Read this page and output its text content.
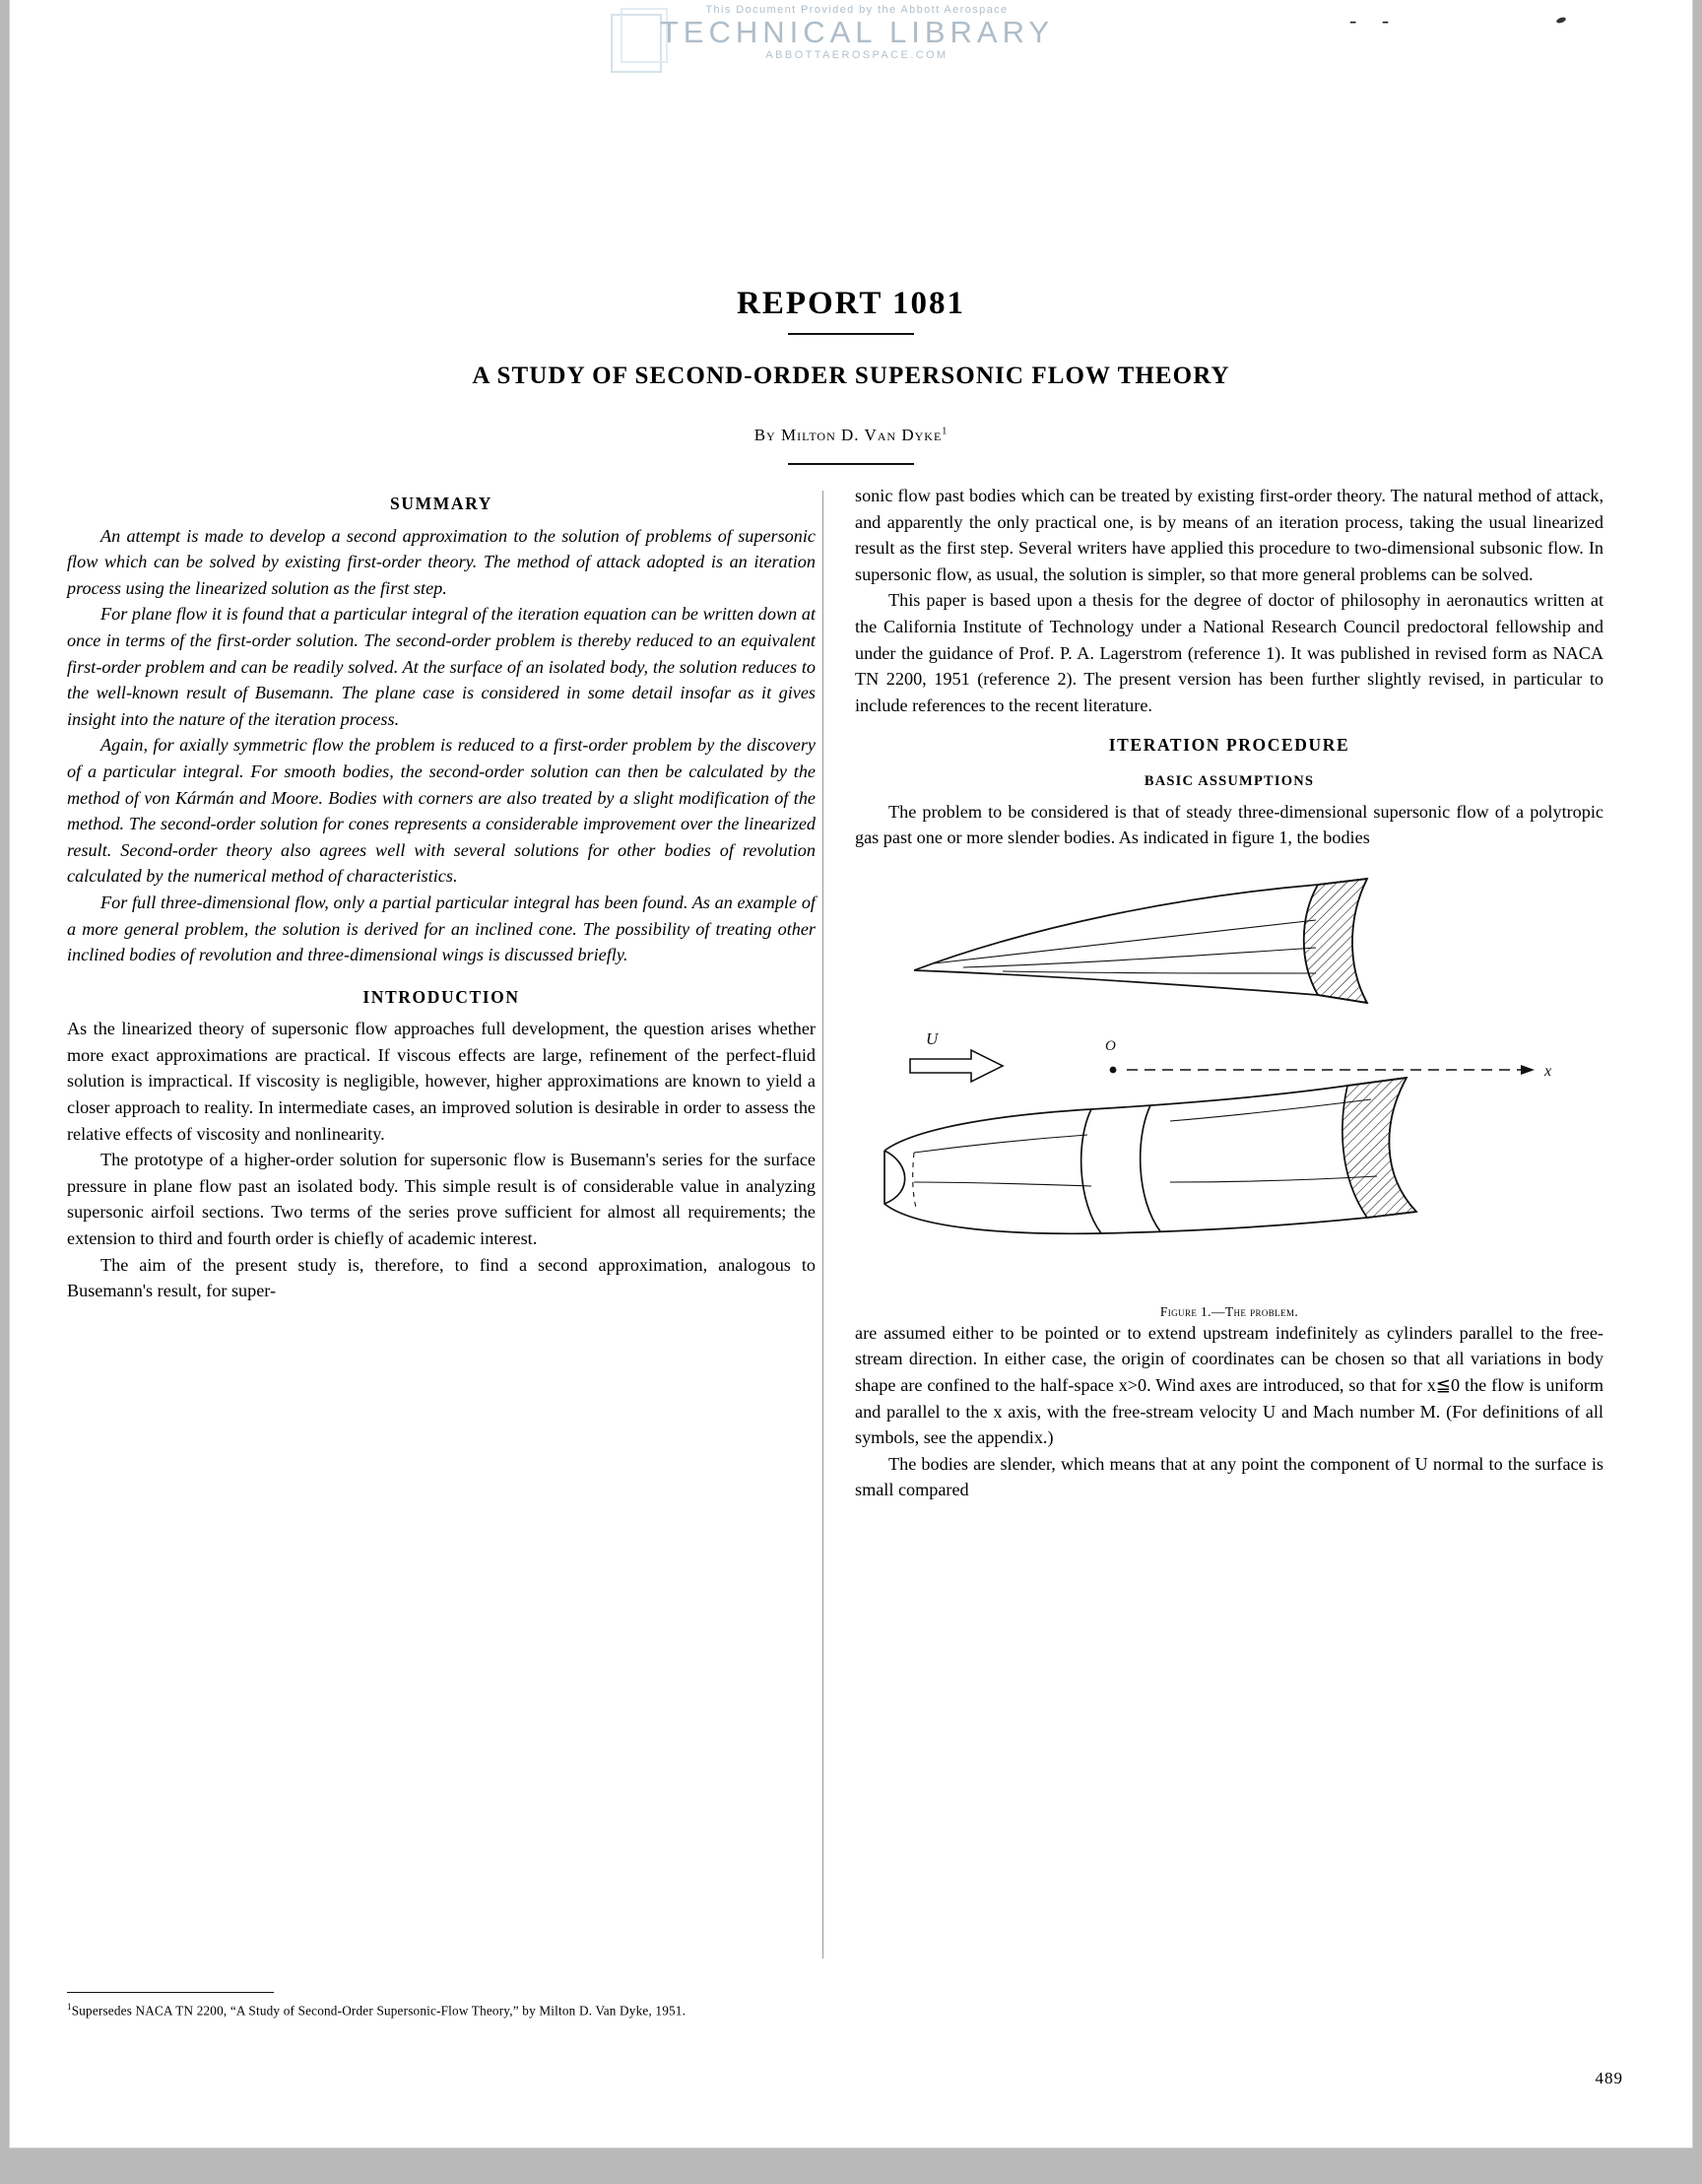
This Document Provided by the Abbott Aerospace
TECHNICAL LIBRARY
ABBOTTAEROSPACE.COM
- -
REPORT 1081
A STUDY OF SECOND-ORDER SUPERSONIC FLOW THEORY
By Milton D. Van Dyke$^1$
SUMMARY

An attempt is made to develop a second approximation to the solution of problems of supersonic flow which can be solved by existing first-order theory. The method of attack adopted is an iteration process using the linearized solution as the first step.

For plane flow it is found that a particular integral of the iteration equation can be written down at once in terms of the first-order solution. The second-order problem is thereby reduced to an equivalent first-order problem and can be readily solved. At the surface of an isolated body, the solution reduces to the well-known result of Busemann. The plane case is considered in some detail insofar as it gives insight into the nature of the iteration process.

Again, for axially symmetric flow the problem is reduced to a first-order problem by the discovery of a particular integral. For smooth bodies, the second-order solution can then be calculated by the method of von Kármán and Moore. Bodies with corners are also treated by a slight modification of the method. The second-order solution for cones represents a considerable improvement over the linearized result. Second-order theory also agrees well with several solutions for other bodies of revolution calculated by the numerical method of characteristics.

For full three-dimensional flow, only a partial particular integral has been found. As an example of a more general problem, the solution is derived for an inclined cone. The possibility of treating other inclined bodies of revolution and three-dimensional wings is discussed briefly.

INTRODUCTION

As the linearized theory of supersonic flow approaches full development, the question arises whether more exact approximations are practical. If viscous effects are large, refinement of the perfect-fluid solution is impractical. If viscosity is negligible, however, higher approximations are known to yield a closer approach to reality. In intermediate cases, an improved solution is desirable in order to assess the relative effects of viscosity and nonlinearity.

The prototype of a higher-order solution for supersonic flow is Busemann's series for the surface pressure in plane flow past an isolated body. This simple result is of considerable value in analyzing supersonic airfoil sections. Two terms of the series prove sufficient for almost all requirements; the extension to third and fourth order is chiefly of academic interest.

The aim of the present study is, therefore, to find a second approximation, analogous to Busemann's result, for super-

sonic flow past bodies which can be treated by existing first-order theory. The natural method of attack, and apparently the only practical one, is by means of an iteration process, taking the usual linearized result as the first step. Several writers have applied this procedure to two-dimensional subsonic flow. In supersonic flow, as usual, the solution is simpler, so that more general problems can be solved.

This paper is based upon a thesis for the degree of doctor of philosophy in aeronautics written at the California Institute of Technology under a National Research Council predoctoral fellowship and under the guidance of Prof. P. A. Lagerstrom (reference 1). It was published in revised form as NACA TN 2200, 1951 (reference 2). The present version has been further slightly revised, in particular to include references to the recent literature.

ITERATION PROCEDURE
BASIC ASSUMPTIONS

The problem to be considered is that of steady three-dimensional supersonic flow of a polytropic gas past one or more slender bodies. As indicated in figure 1, the bodies

U	O
x
Figure 1.—The problem.

are assumed either to be pointed or to extend upstream indefinitely as cylinders parallel to the free-stream direction. In either case, the origin of coordinates can be chosen so that all variations in body shape are confined to the half-space x>0. Wind axes are introduced, so that for x≦0 the flow is uniform and parallel to the x axis, with the free-stream velocity U and Mach number M. (For definitions of all symbols, see the appendix.)

The bodies are slender, which means that at any point the component of U normal to the surface is small compared

$^1$Supersedes NACA TN 2200, “A Study of Second-Order Supersonic-Flow Theory,” by Milton D. Van Dyke, 1951.
489
